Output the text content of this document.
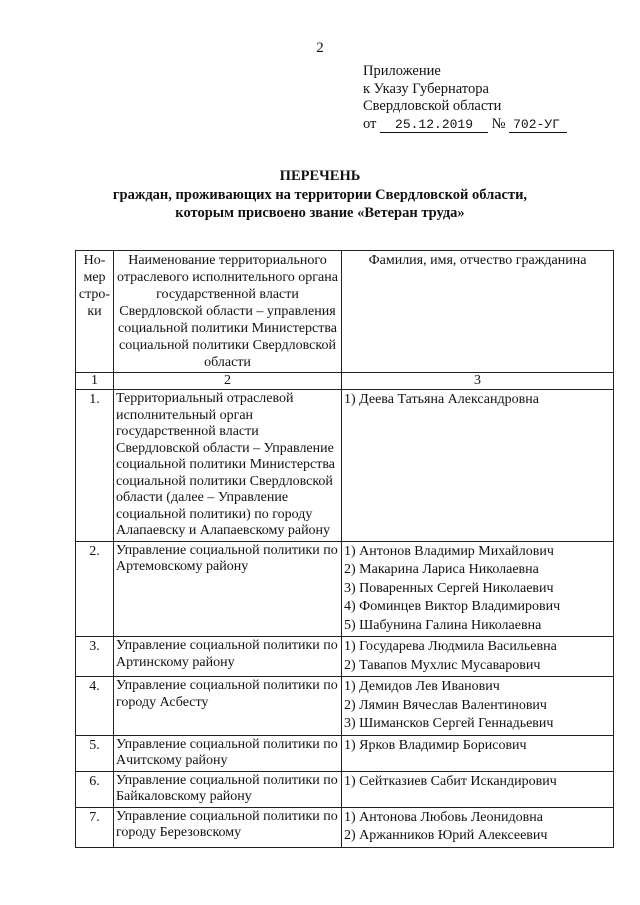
2
Приложение
к Указу Губернатора
Свердловской области
от 25.12.2019 № 702-УГ
ПЕРЕЧЕНЬ
граждан, проживающих на территории Свердловской области,
которым присвоено звание «Ветеран труда»
Но-
мер
стро-
ки	Наименование территориального отраслевого исполнительного органа государственной власти Свердловской области – управления социальной политики Министерства социальной политики Свердловской области	Фамилия, имя, отчество гражданина
1	2	3
1.	Территориальный отраслевой исполнительный орган государственной власти Свердловской области – Управление социальной политики Министерства социальной политики Свердловской области (далее – Управление социальной политики) по городу Алапаевску и Алапаевскому району	1) Деева Татьяна Александровна

2.	Управление социальной политики по Артемовскому району	1) Антонов Владимир Михайлович
2) Макарина Лариса Николаевна
3) Поваренных Сергей Николаевич
4) Фоминцев Виктор Владимирович
5) Шабунина Галина Николаевна

3.	Управление социальной политики по Артинскому району	1) Государева Людмила Васильевна
2) Тавапов Мухлис Мусаварович

4.	Управление социальной политики по городу Асбесту	1) Демидов Лев Иванович
2) Лямин Вячеслав Валентинович
3) Шимансков Сергей Геннадьевич

5.	Управление социальной политики по Ачитскому району	1) Ярков Владимир Борисович

6.	Управление социальной политики по Байкаловскому району	1) Сейтказиев Сабит Искандирович

7.	Управление социальной политики по городу Березовскому	1) Антонова Любовь Леонидовна
2) Аржанников Юрий Алексеевич
